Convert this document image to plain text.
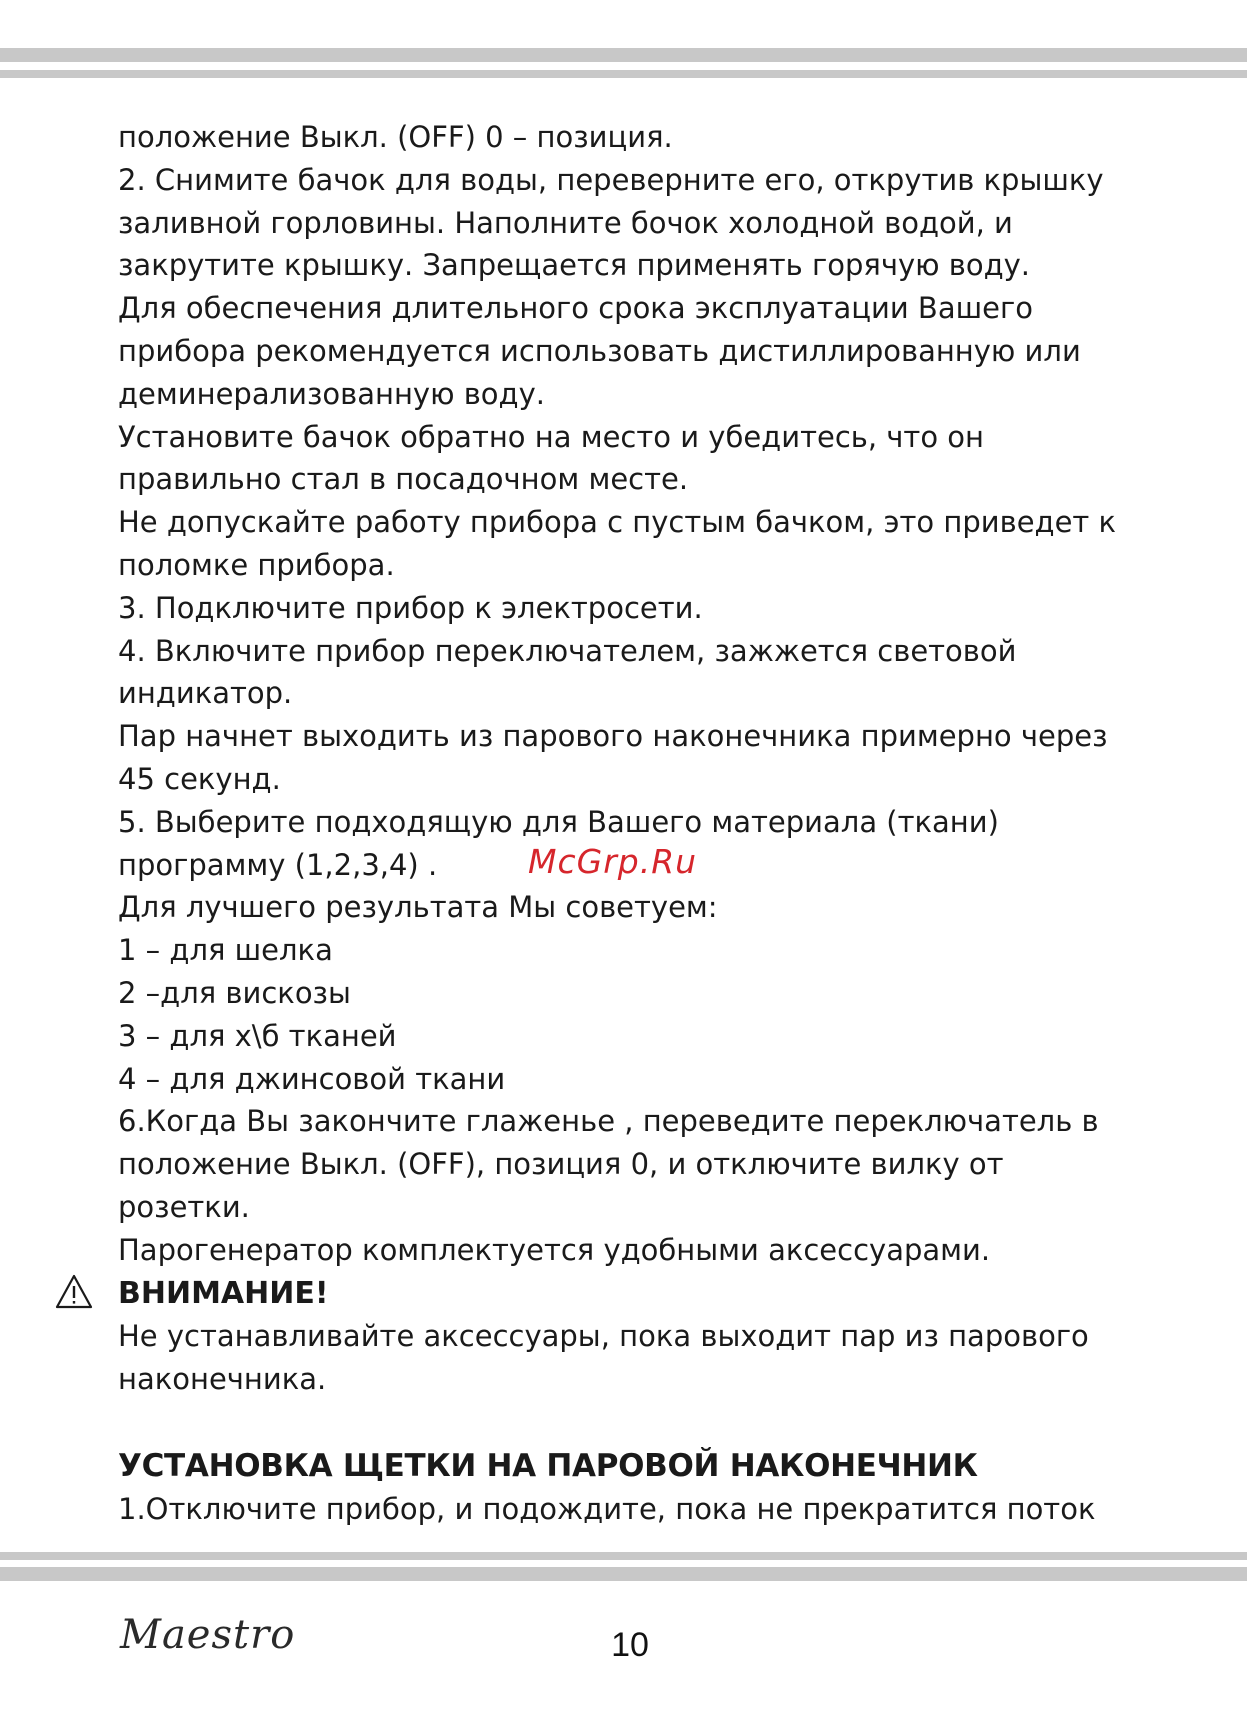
положение Выкл. (OFF) 0 – позиция.

2. Снимите бачок для воды, переверните его, открутив крышку

заливной горловины. Наполните бочок холодной водой, и

закрутите крышку. Запрещается применять горячую воду.

Для обеспечения длительного срока эксплуатации Вашего

прибора рекомендуется использовать дистиллированную или

деминерализованную воду.

Установите бачок обратно на место и убедитесь, что он

правильно стал в посадочном месте.

Не допускайте работу прибора с пустым бачком, это приведет к

поломке прибора.

3. Подключите прибор к электросети.

4. Включите прибор переключателем, зажжется световой

индикатор.

Пар начнет выходить из парового наконечника примерно через

45 секунд.

5. Выберите подходящую для Вашего материала (ткани)

программу (1,2,3,4) .

Для лучшего результата Мы советуем:

1 – для шелка

2 –для вискозы

3 – для х\б тканей

4 – для джинсовой ткани

6.Когда Вы закончите глаженье , переведите переключатель в

положение Выкл. (OFF), позиция 0, и отключите вилку от

розетки.

Парогенератор комплектуется удобными аксессуарами.

ВНИМАНИЕ!

Не устанавливайте аксессуары, пока выходит пар из парового

наконечника.

УСТАНОВКА ЩЕТКИ НА ПАРОВОЙ НАКОНЕЧНИК

1.Отключите прибор, и подождите, пока не прекратится поток

McGrp.Ru
Maestro	10
